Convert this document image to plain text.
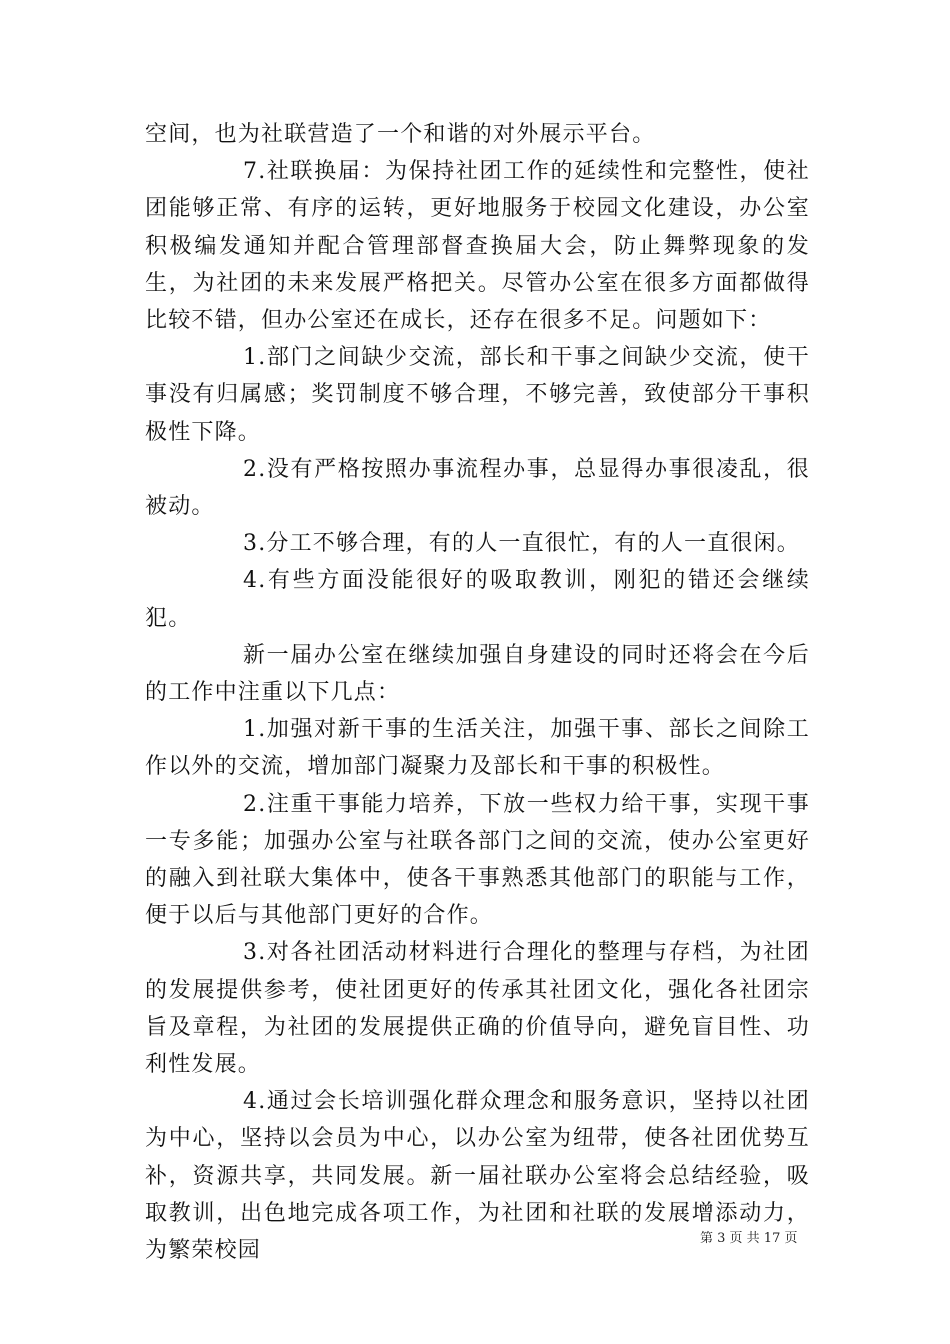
空间，也为社联营造了一个和谐的对外展示平台。

7.社联换届：为保持社团工作的延续性和完整性，使社团能够正常、有序的运转，更好地服务于校园文化建设，办公室积极编发通知并配合管理部督查换届大会，防止舞弊现象的发生，为社团的未来发展严格把关。尽管办公室在很多方面都做得比较不错，但办公室还在成长，还存在很多不足。问题如下：

1.部门之间缺少交流，部长和干事之间缺少交流，使干事没有归属感；奖罚制度不够合理，不够完善，致使部分干事积极性下降。

2.没有严格按照办事流程办事，总显得办事很凌乱，很被动。

3.分工不够合理，有的人一直很忙，有的人一直很闲。

4.有些方面没能很好的吸取教训，刚犯的错还会继续犯。

新一届办公室在继续加强自身建设的同时还将会在今后的工作中注重以下几点：

1.加强对新干事的生活关注，加强干事、部长之间除工作以外的交流，增加部门凝聚力及部长和干事的积极性。

2.注重干事能力培养，下放一些权力给干事，实现干事一专多能；加强办公室与社联各部门之间的交流，使办公室更好的融入到社联大集体中，使各干事熟悉其他部门的职能与工作，便于以后与其他部门更好的合作。

3.对各社团活动材料进行合理化的整理与存档，为社团的发展提供参考，使社团更好的传承其社团文化，强化各社团宗旨及章程，为社团的发展提供正确的价值导向，避免盲目性、功利性发展。

4.通过会长培训强化群众理念和服务意识，坚持以社团为中心，坚持以会员为中心，以办公室为纽带，使各社团优势互补，资源共享，共同发展。新一届社联办公室将会总结经验，吸取教训，出色地完成各项工作，为社团和社联的发展增添动力，为繁荣校园	第 3 页 共 17 页
